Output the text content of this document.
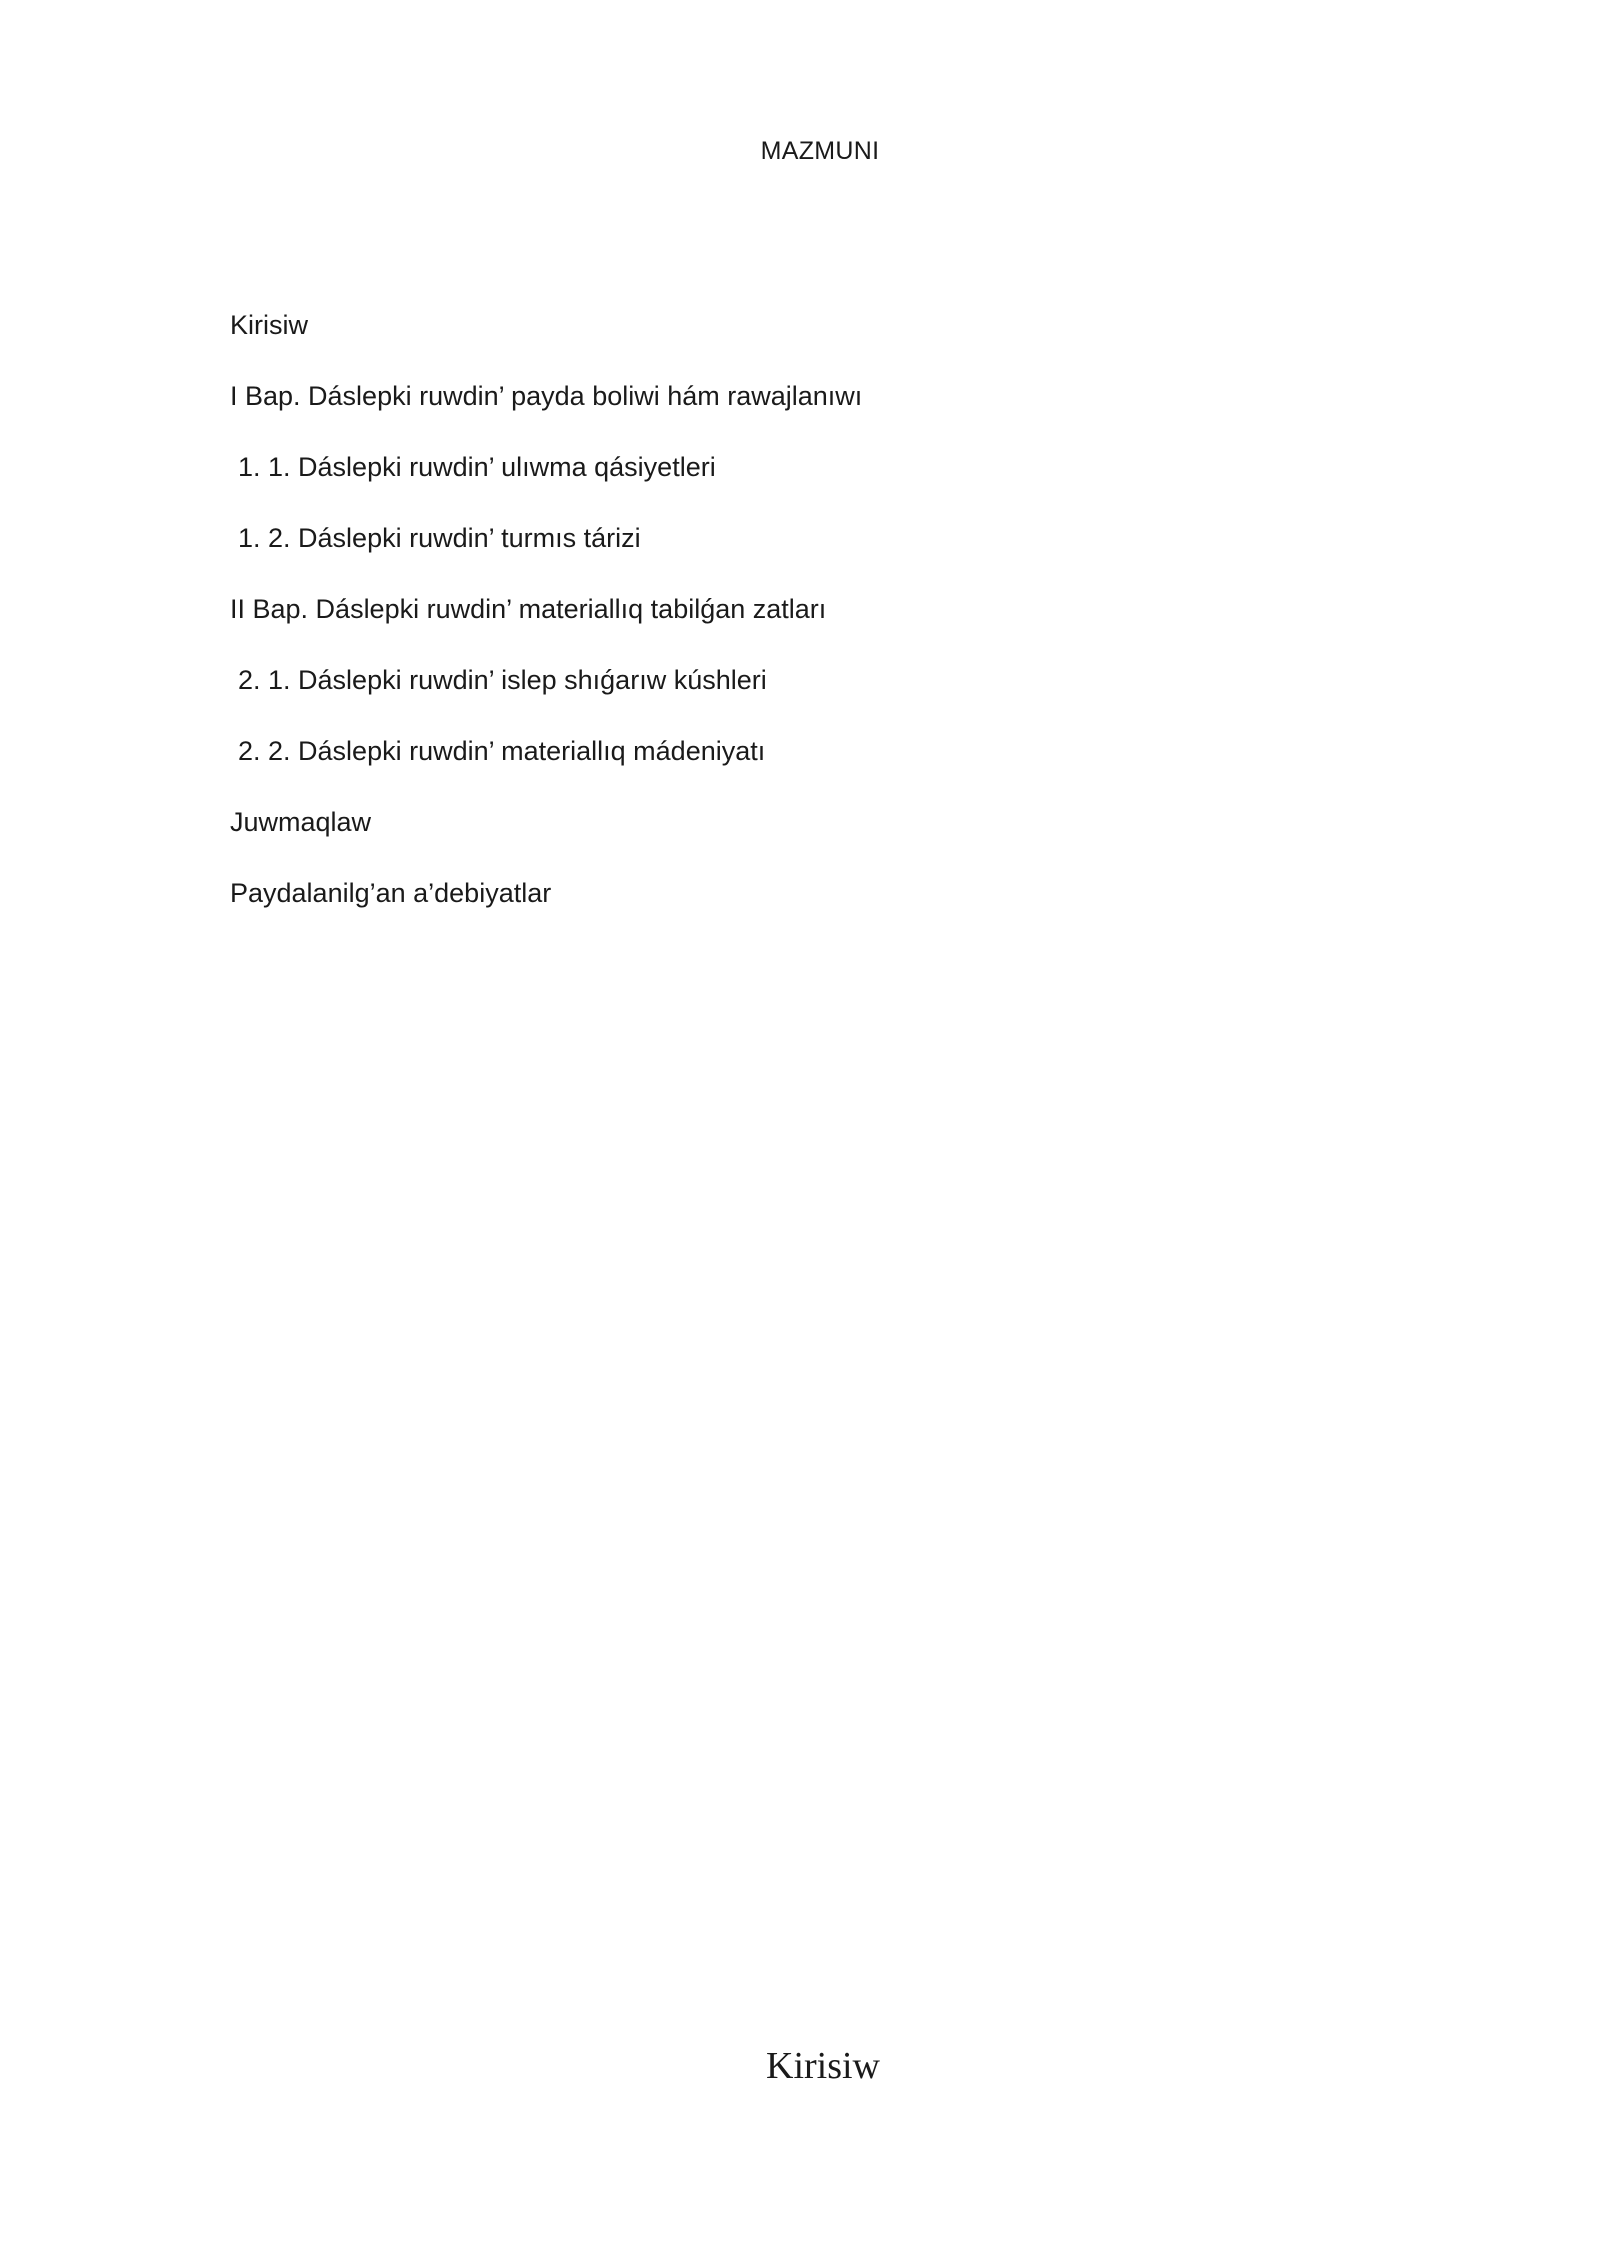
MAZMUNI
Kirisiw
I Bap. Dáslepki ruwdin’ payda boliwi hám rawajlanıwı
1. 1. Dáslepki ruwdin’ ulıwma qásiyetleri
1. 2. Dáslepki ruwdin’ turmıs tárizi
II Bap. Dáslepki ruwdin’ materiallıq tabilǵan zatları
2. 1. Dáslepki ruwdin’ islep shıǵarıw kúshleri
2. 2. Dáslepki ruwdin’ materiallıq mádeniyatı
Juwmaqlaw
Paydalanilg’an a’debiyatlar
Kirisiw
